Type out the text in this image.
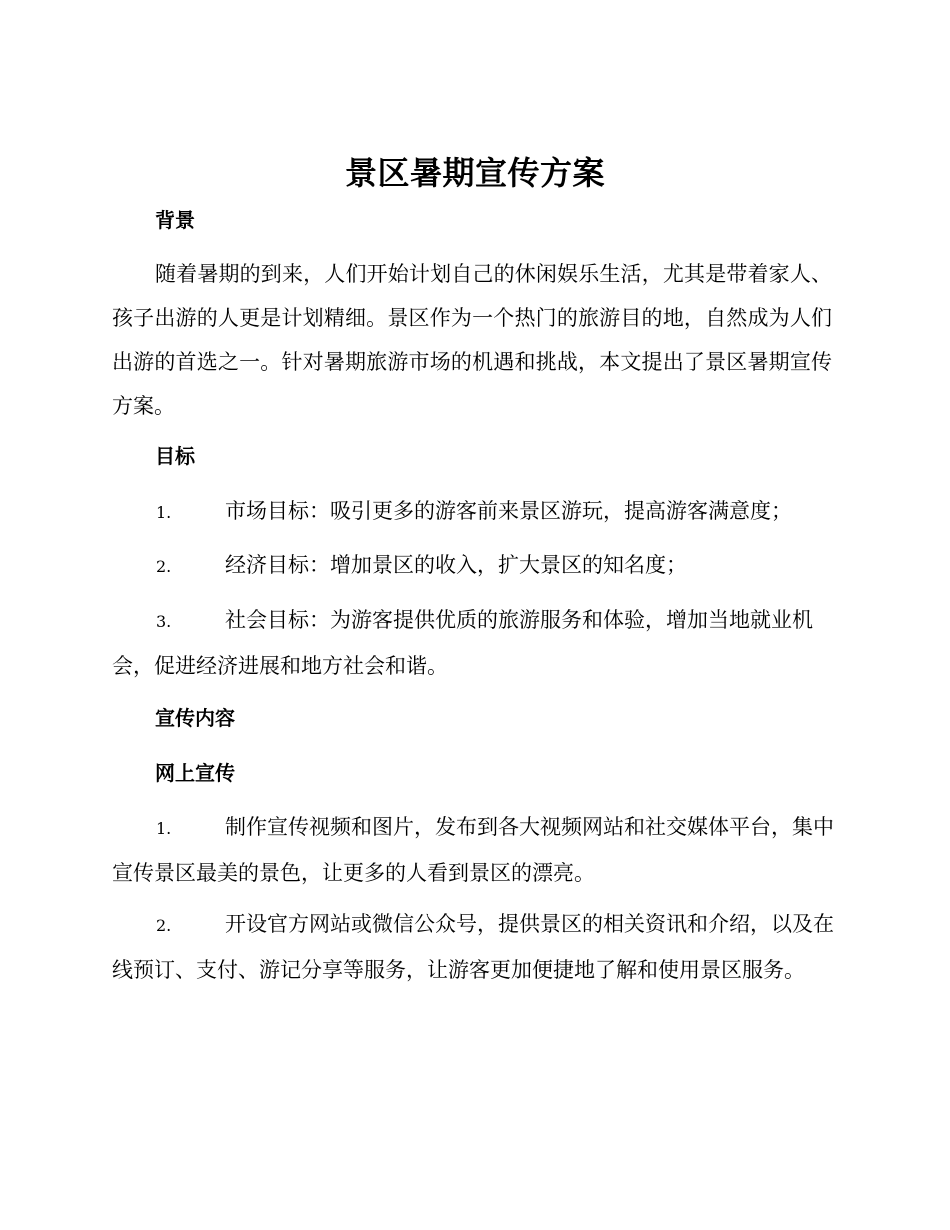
景区暑期宣传方案
背景

随着暑期的到来，人们开始计划自己的休闲娱乐生活，尤其是带着家人、孩子出游的人更是计划精细。景区作为一个热门的旅游目的地，自然成为人们出游的首选之一。针对暑期旅游市场的机遇和挑战，本文提出了景区暑期宣传方案。

目标

1.	市场目标：吸引更多的游客前来景区游玩，提高游客满意度；

2.	经济目标：增加景区的收入，扩大景区的知名度；

3.	社会目标：为游客提供优质的旅游服务和体验，增加当地就业机会，促进经济进展和地方社会和谐。

宣传内容
网上宣传

1.	制作宣传视频和图片，发布到各大视频网站和社交媒体平台，集中宣传景区最美的景色，让更多的人看到景区的漂亮。

2.	开设官方网站或微信公众号，提供景区的相关资讯和介绍，以及在线预订、支付、游记分享等服务，让游客更加便捷地了解和使用景区服务。
